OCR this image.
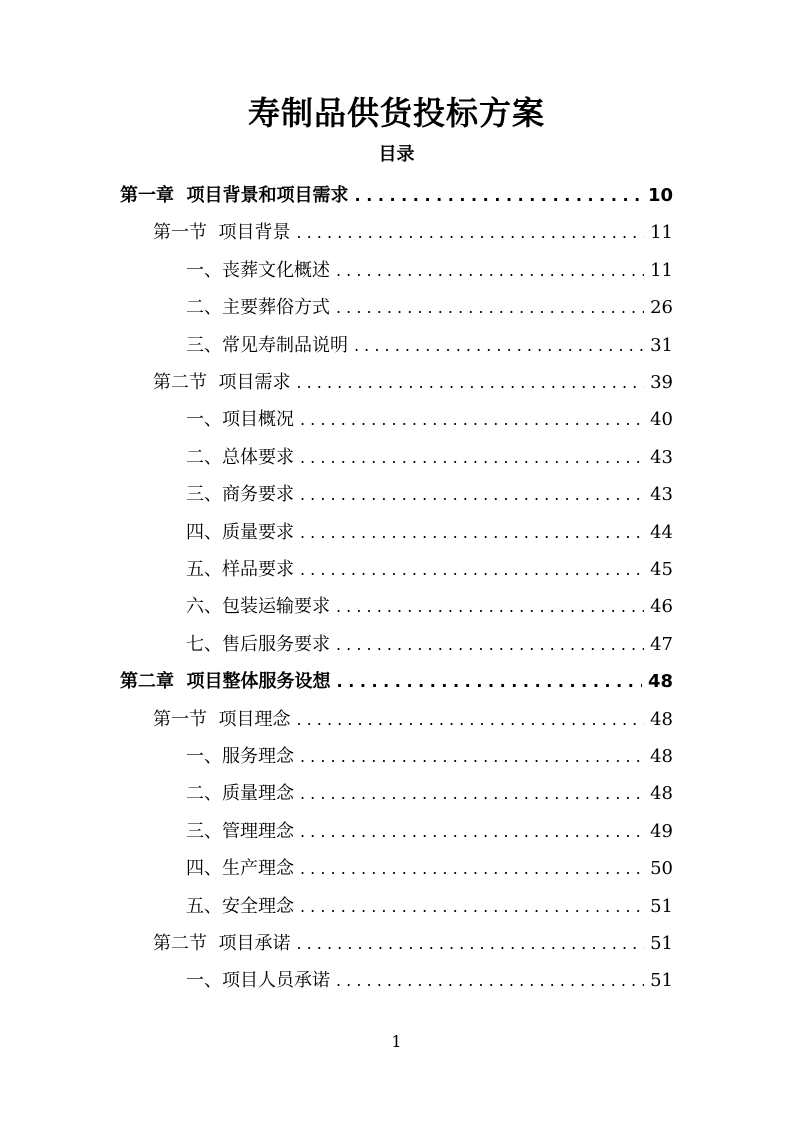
寿制品供货投标方案
目录
第一章  项目背景和项目需求 . . .	10
第一节  项目背景 . . .	11
一、丧葬文化概述 . . .	11
二、主要葬俗方式 . . .	26
三、常见寿制品说明 . . .	31
第二节  项目需求 . . .	39
一、项目概况 . . .	40
二、总体要求 . . .	43
三、商务要求 . . .	43
四、质量要求 . . .	44
五、样品要求 . . .	45
六、包装运输要求 . . .	46
七、售后服务要求 . . .	47
第二章  项目整体服务设想 . . .	48
第一节  项目理念 . . .	48
一、服务理念 . . .	48
二、质量理念 . . .	48
三、管理理念 . . .	49
四、生产理念 . . .	50
五、安全理念 . . .	51
第二节  项目承诺 . . .	51
一、项目人员承诺 . . .	51
1
